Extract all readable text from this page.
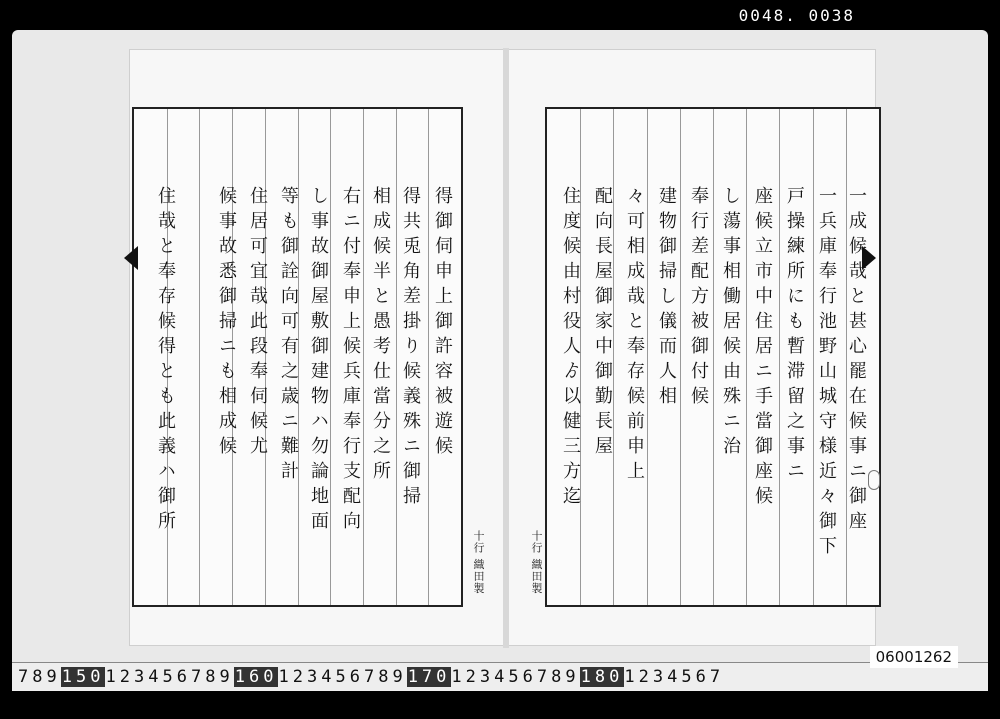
0048. 0038
得御伺申上御許容被遊候
得共兎角差掛り候義殊ニ御掃
相成候半と愚考仕當分之所
右ニ付奉申上候兵庫奉行支配向
し事故御屋敷御建物ハ勿論地面
等も御詮向可有之歳ニ難計
住居可宜哉此段奉伺候尤
候事故悉御掃ニも相成候
住哉と奉存候得とも此義ハ御所
十行 織田製
一成候哉と甚心罷在候事ニ御座
一兵庫奉行池野山城守様近々御下
戸操練所にも暫滞留之事ニ
座候立市中住居ニ手當御座候
し蕩事相働居候由殊ニ治
奉行差配方被御付候
建物御掃し儀而人相
々可相成哉と奉存候前申上
配向長屋御家中御勤長屋
住度候由村役人ゟ以健三方迄
十行 織田製
7891501234567891601234567891701234567891801234567
06001262
